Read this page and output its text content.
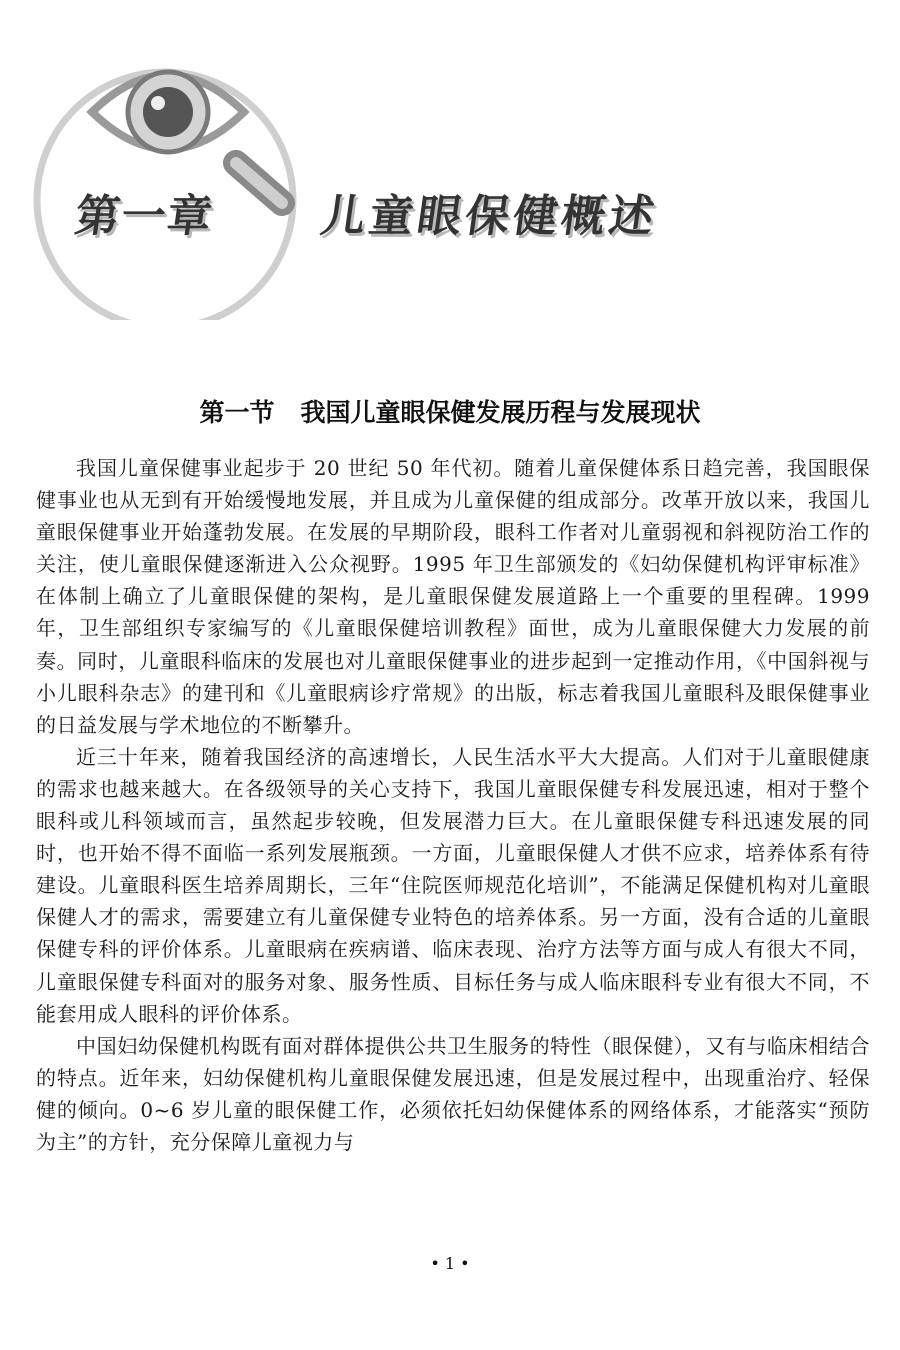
第一章 儿童眼保健概述
第一节 我国儿童眼保健发展历程与发展现状

我国儿童保健事业起步于 20 世纪 50 年代初。随着儿童保健体系日趋完善，我国眼保健事业也从无到有开始缓慢地发展，并且成为儿童保健的组成部分。改革开放以来，我国儿童眼保健事业开始蓬勃发展。在发展的早期阶段，眼科工作者对儿童弱视和斜视防治工作的关注，使儿童眼保健逐渐进入公众视野。1995 年卫生部颁发的《妇幼保健机构评审标准》在体制上确立了儿童眼保健的架构，是儿童眼保健发展道路上一个重要的里程碑。1999 年，卫生部组织专家编写的《儿童眼保健培训教程》面世，成为儿童眼保健大力发展的前奏。同时，儿童眼科临床的发展也对儿童眼保健事业的进步起到一定推动作用，《中国斜视与小儿眼科杂志》的建刊和《儿童眼病诊疗常规》的出版，标志着我国儿童眼科及眼保健事业的日益发展与学术地位的不断攀升。

近三十年来，随着我国经济的高速增长，人民生活水平大大提高。人们对于儿童眼健康的需求也越来越大。在各级领导的关心支持下，我国儿童眼保健专科发展迅速，相对于整个眼科或儿科领域而言，虽然起步较晚，但发展潜力巨大。在儿童眼保健专科迅速发展的同时，也开始不得不面临一系列发展瓶颈。一方面，儿童眼保健人才供不应求，培养体系有待建设。儿童眼科医生培养周期长，三年“住院医师规范化培训”，不能满足保健机构对儿童眼保健人才的需求，需要建立有儿童保健专业特色的培养体系。另一方面，没有合适的儿童眼保健专科的评价体系。儿童眼病在疾病谱、临床表现、治疗方法等方面与成人有很大不同，儿童眼保健专科面对的服务对象、服务性质、目标任务与成人临床眼科专业有很大不同，不能套用成人眼科的评价体系。

中国妇幼保健机构既有面对群体提供公共卫生服务的特性（眼保健），又有与临床相结合的特点。近年来，妇幼保健机构儿童眼保健发展迅速，但是发展过程中，出现重治疗、轻保健的倾向。0~6 岁儿童的眼保健工作，必须依托妇幼保健体系的网络体系，才能落实“预防为主”的方针，充分保障儿童视力与

• 1 •
